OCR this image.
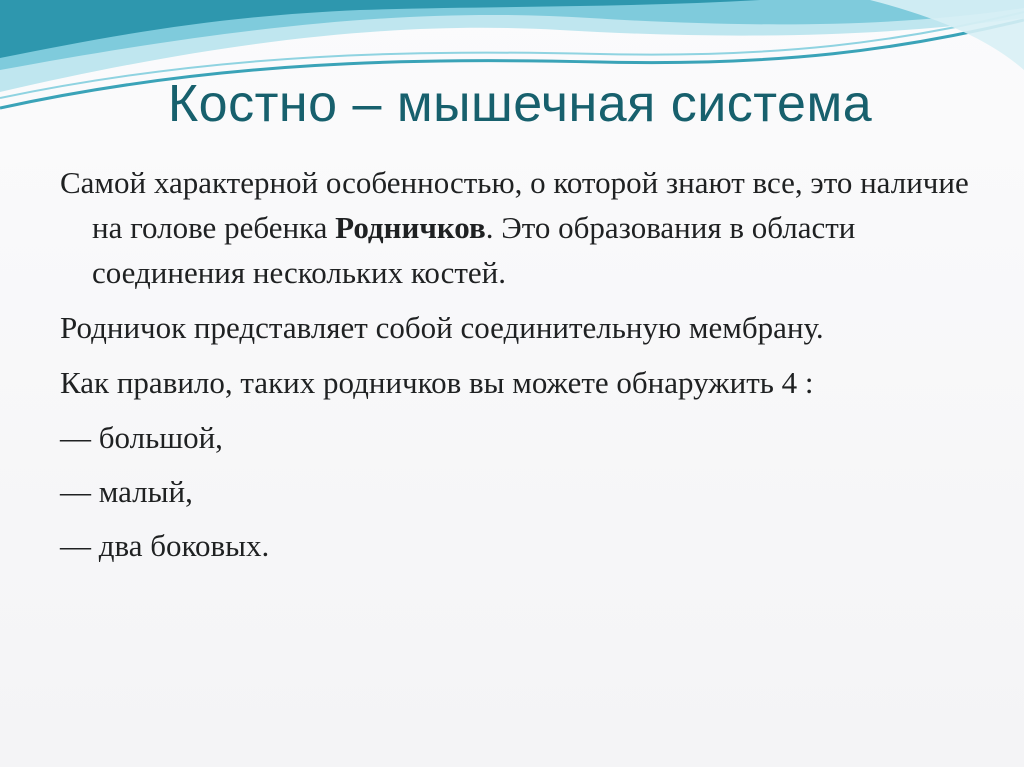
Костно – мышечная система

Самой характерной особенностью, о которой знают все, это наличие на голове ребенка Родничков. Это образования в области соединения нескольких костей.

Родничок представляет собой соединительную мембрану.

Как правило, таких родничков вы можете обнаружить 4 :

— большой,

— малый,

— два боковых.
